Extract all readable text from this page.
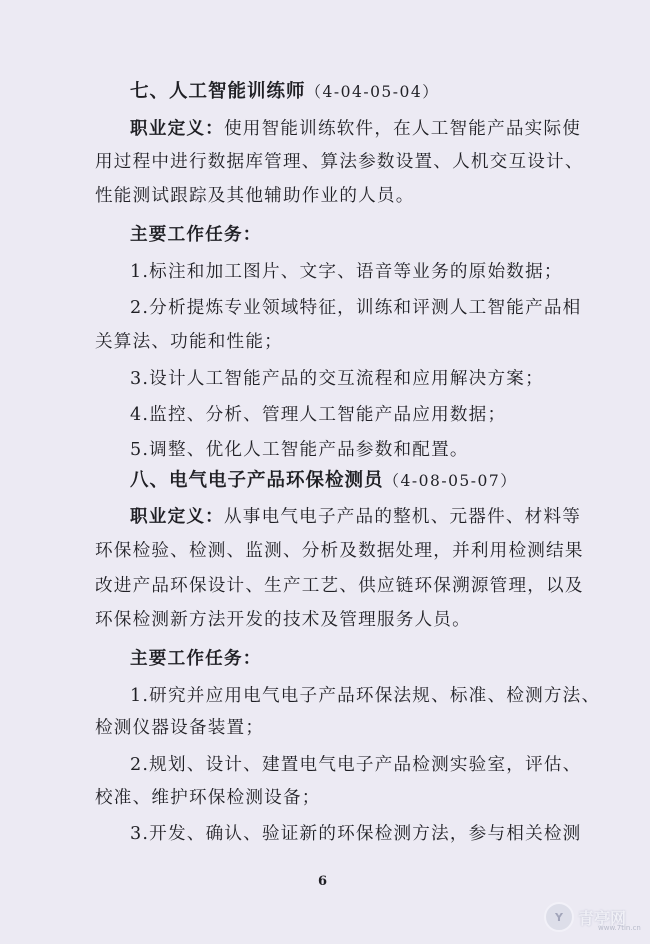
七、人工智能训练师（4-04-05-04）
职业定义：使用智能训练软件，在人工智能产品实际使
用过程中进行数据库管理、算法参数设置、人机交互设计、
性能测试跟踪及其他辅助作业的人员。
主要工作任务：
1.标注和加工图片、文字、语音等业务的原始数据；
2.分析提炼专业领域特征，训练和评测人工智能产品相
关算法、功能和性能；
3.设计人工智能产品的交互流程和应用解决方案；
4.监控、分析、管理人工智能产品应用数据；
5.调整、优化人工智能产品参数和配置。
八、电气电子产品环保检测员（4-08-05-07）
职业定义：从事电气电子产品的整机、元器件、材料等
环保检验、检测、监测、分析及数据处理，并利用检测结果
改进产品环保设计、生产工艺、供应链环保溯源管理，以及
环保检测新方法开发的技术及管理服务人员。
主要工作任务：
1.研究并应用电气电子产品环保法规、标准、检测方法、
检测仪器设备装置；
2.规划、设计、建置电气电子产品检测实验室，评估、
校准、维护环保检测设备；
3.开发、确认、验证新的环保检测方法，参与相关检测
6
Y 青亭网
www.7tin.cn
